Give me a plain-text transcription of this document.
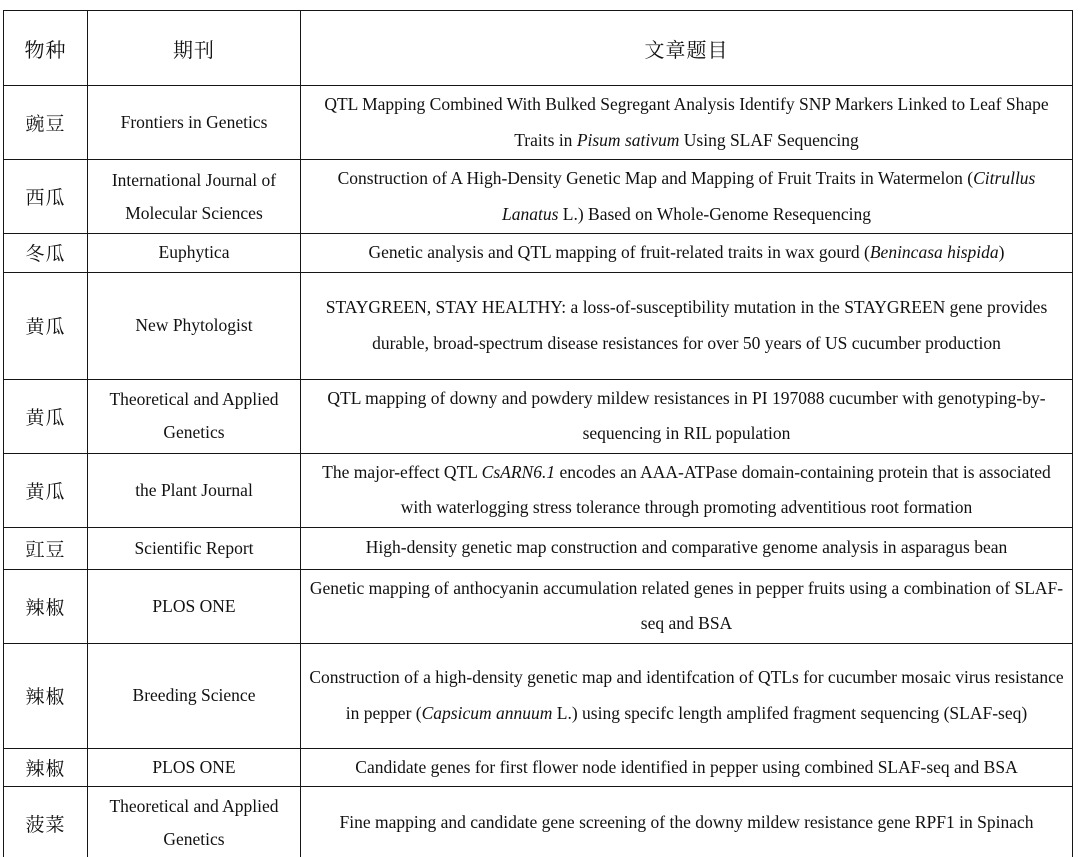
物种	期刊	文章题目
豌豆	Frontiers in Genetics	QTL Mapping Combined With Bulked Segregant Analysis Identify SNP Markers Linked to Leaf Shape Traits in Pisum sativum Using SLAF Sequencing
西瓜	International Journal of Molecular Sciences	Construction of A High-Density Genetic Map and Mapping of Fruit Traits in Watermelon (Citrullus Lanatus L.) Based on Whole-Genome Resequencing
冬瓜	Euphytica	Genetic analysis and QTL mapping of fruit-related traits in wax gourd (Benincasa hispida)
黄瓜	New Phytologist	STAYGREEN, STAY HEALTHY: a loss-of-susceptibility mutation in the STAYGREEN gene provides durable, broad-spectrum disease resistances for over 50 years of US cucumber production
黄瓜	Theoretical and Applied Genetics	QTL mapping of downy and powdery mildew resistances in PI 197088 cucumber with genotyping-by-sequencing in RIL population
黄瓜	the Plant Journal	The major-effect QTL CsARN6.1 encodes an AAA-ATPase domain-containing protein that is associated with waterlogging stress tolerance through promoting adventitious root formation
豇豆	Scientific Report	High-density genetic map construction and comparative genome analysis in asparagus bean
辣椒	PLOS ONE	Genetic mapping of anthocyanin accumulation related genes in pepper fruits using a combination of SLAF-seq and BSA
辣椒	Breeding Science	Construction of a high-density genetic map and identifcation of QTLs for cucumber mosaic virus resistance in pepper (Capsicum annuum L.) using specifc length amplifed fragment sequencing (SLAF-seq)
辣椒	PLOS ONE	Candidate genes for first flower node identified in pepper using combined SLAF-seq and BSA
菠菜	Theoretical and Applied Genetics	Fine mapping and candidate gene screening of the downy mildew resistance gene RPF1 in Spinach
